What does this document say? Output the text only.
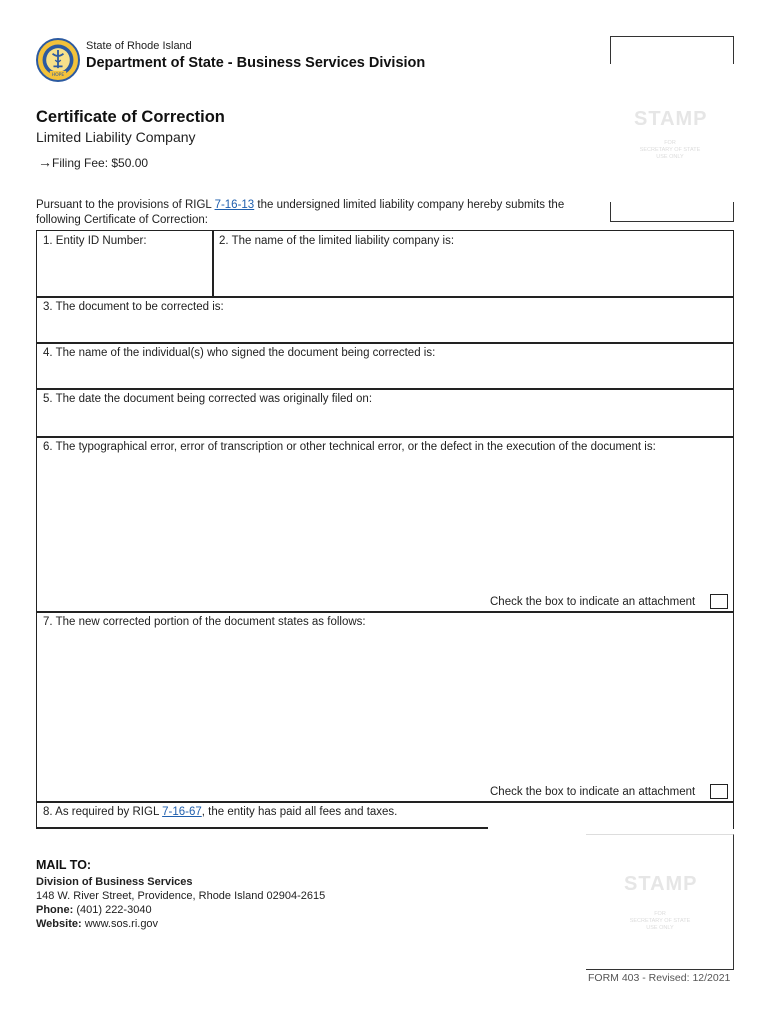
HOPE
State of Rhode Island
Department of State - Business Services Division
STAMP
FOR
SECRETARY OF STATE
USE ONLY
Certificate of Correction
Limited Liability Company
→Filing Fee: $50.00
Pursuant to the provisions of RIGL 7-16-13 the undersigned limited liability company hereby submits the following Certificate of Correction:
1. Entity ID Number:	2. The name of the limited liability company is:
3. The document to be corrected is:
4. The name of the individual(s) who signed the document being corrected is:
5. The date the document being corrected was originally filed on:
6. The typographical error, error of transcription or other technical error, or the defect in the execution of the document is:
Check the box to indicate an attachment
7. The new corrected portion of the document states as follows:
Check the box to indicate an attachment
8. As required by RIGL 7-16-67, the entity has paid all fees and taxes.
MAIL TO:
Division of Business Services
148 W. River Street, Providence, Rhode Island 02904-2615
Phone: (401) 222-3040
Website: www.sos.ri.gov
STAMP
FOR
SECRETARY OF STATE
USE ONLY
FORM 403 - Revised: 12/2021
